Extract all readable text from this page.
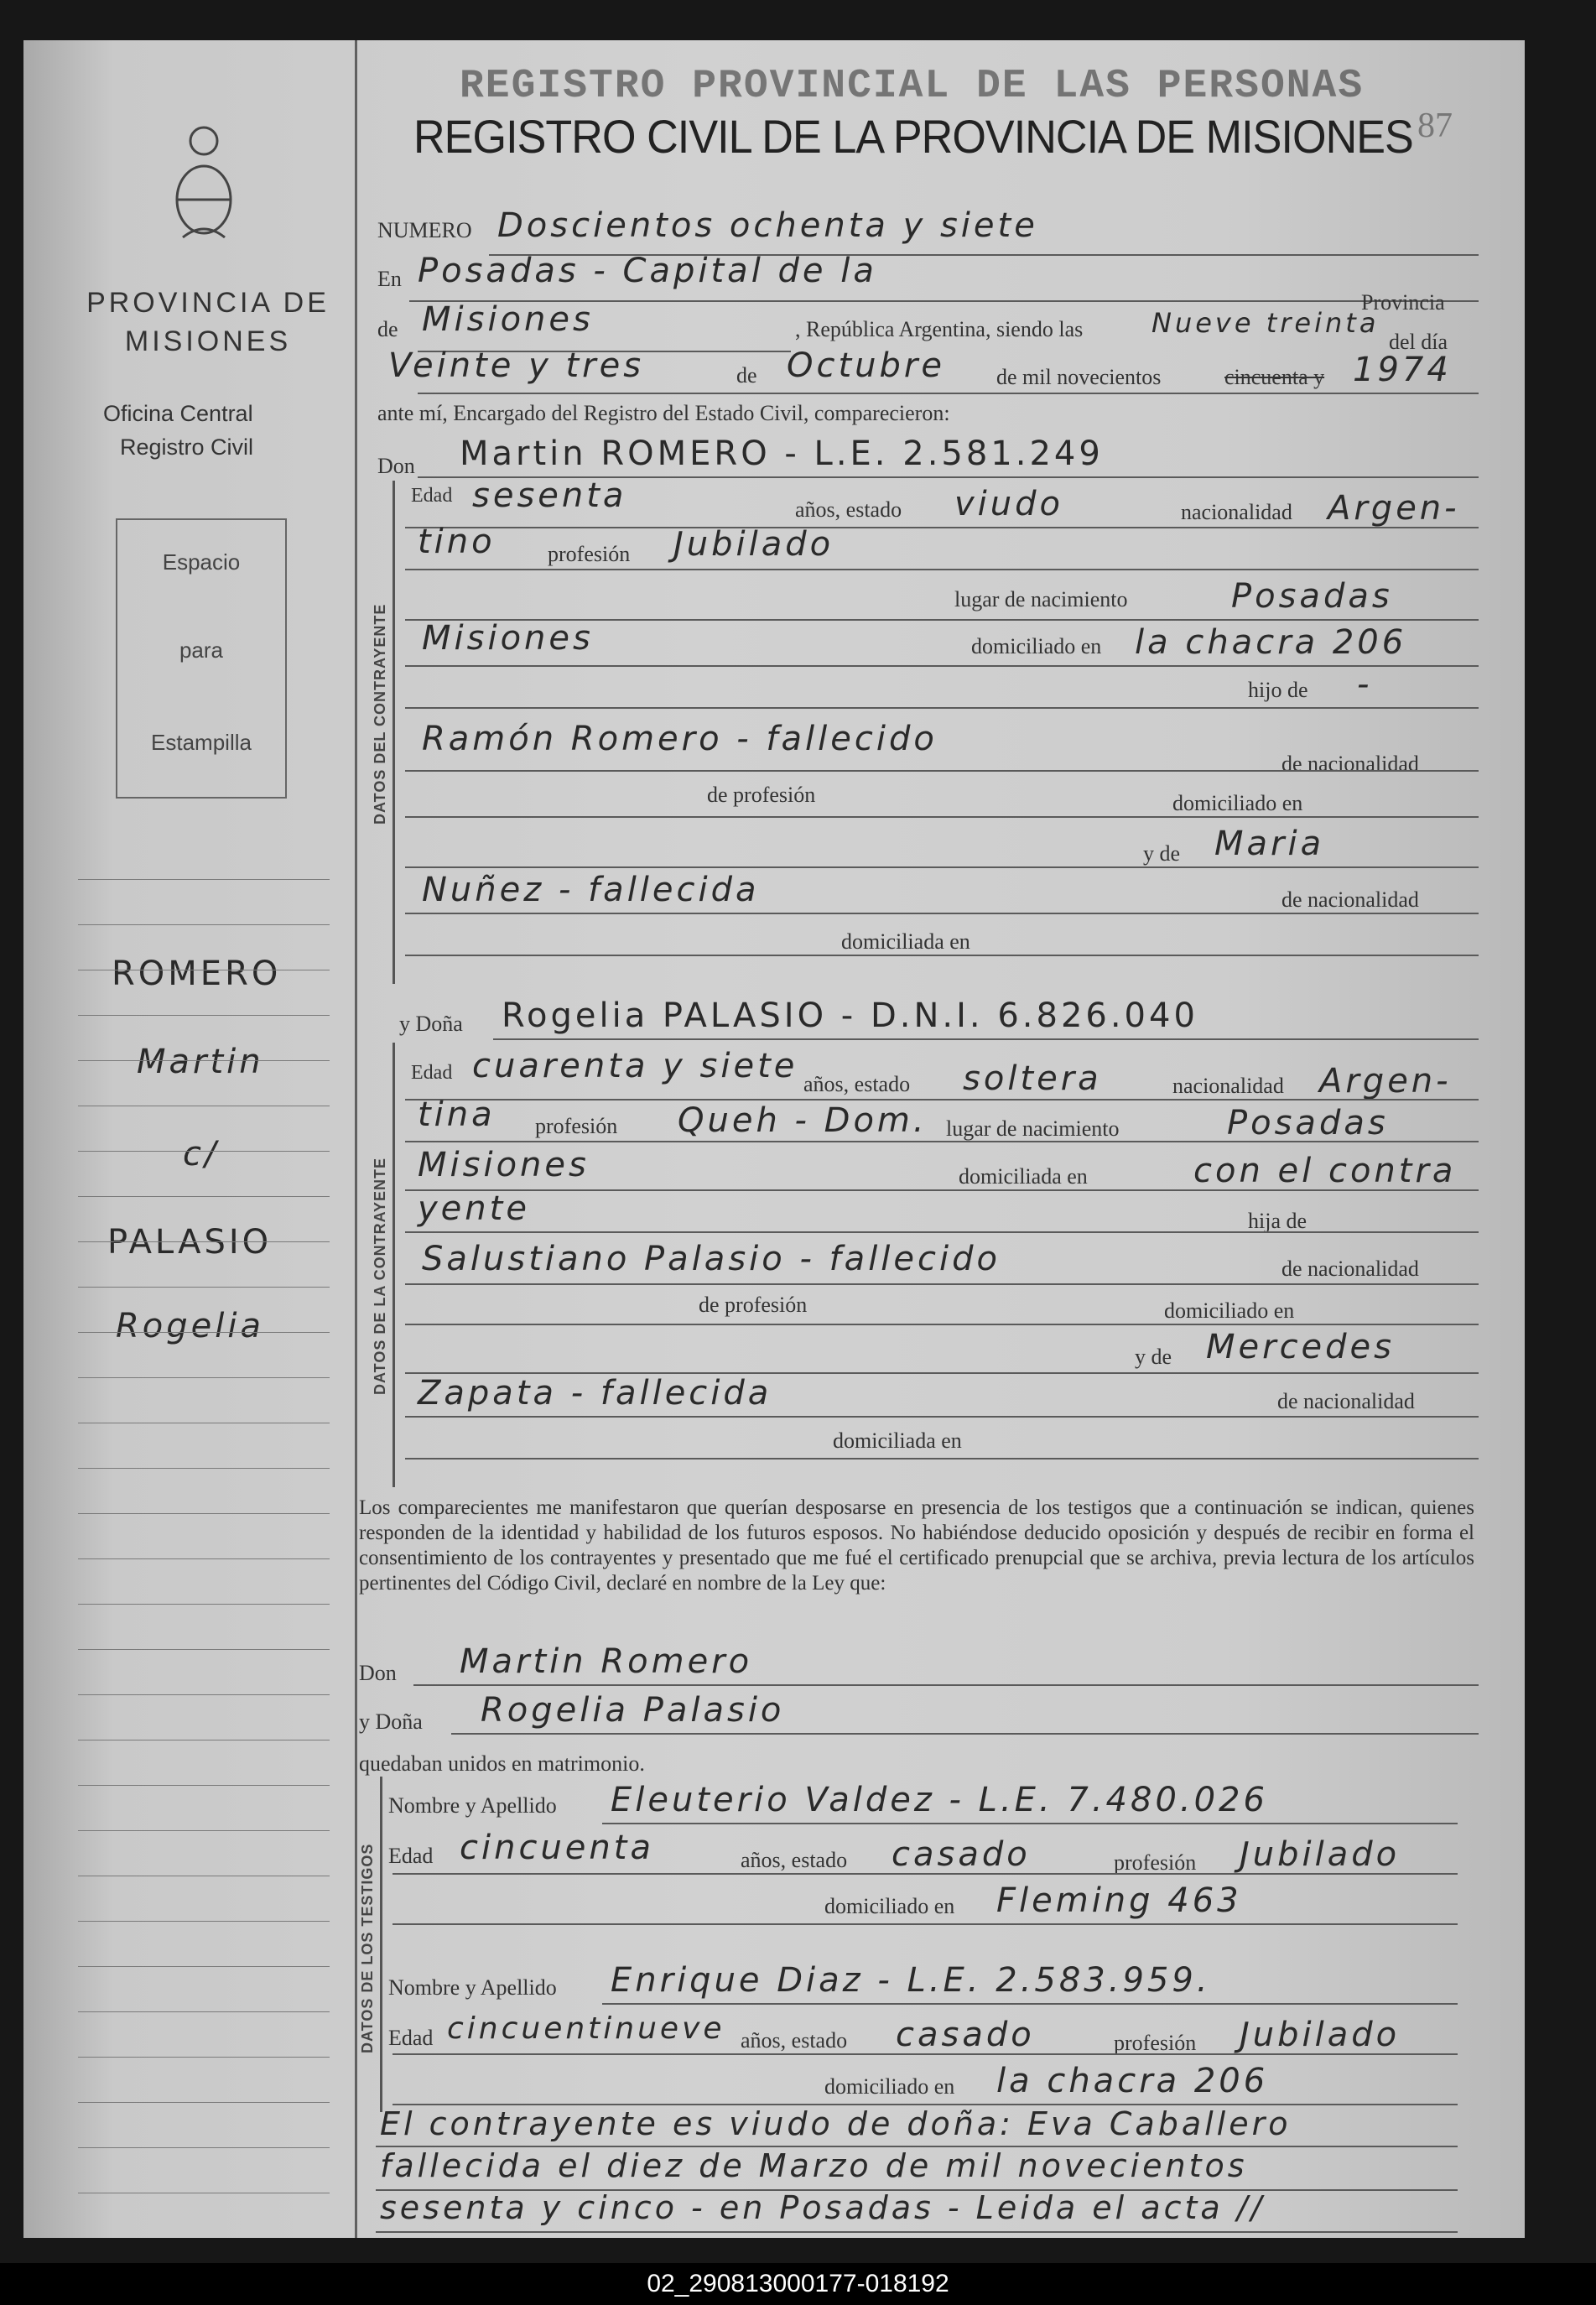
PROVINCIA DE MISIONES
Oficina Central
Registro Civil
Espacio
para
Estampilla
ROMERO
Martin
c/
PALASIO
Rogelia
REGISTRO PROVINCIAL DE LAS PERSONAS
REGISTRO CIVIL DE LA PROVINCIA DE MISIONES 87
NUMERO Doscientos ochenta y siete
En Posadas - Capital de la
Provincia
de Misiones	, República Argentina, siendo las	Nueve treinta
del día
Veinte y tres	de Octubre de mil novecientos	cincuenta y 1974
ante mí, Encargado del Registro del Estado Civil, comparecieron:
Don Martin ROMERO - L.E. 2.581.249
DATOS DEL CONTRAYENTE
Edad sesenta	años, estado viudo	nacionalidad Argen-
tino profesión Jubilado
lugar de nacimiento	Posadas
Misiones	domiciliado en la chacra 206
hijo de -
Ramón Romero - fallecido
de nacionalidad
de profesión	domiciliado en
y de Maria
Nuñez - fallecida	de nacionalidad
domiciliada en
y Doña Rogelia PALASIO - D.N.I. 6.826.040
DATOS DE LA CONTRAYENTE
Edad cuarenta y siete años, estado soltera	nacionalidad Argen-
tina profesión Queh - Dom. lugar de nacimiento	Posadas
Misiones	domiciliada en	con el contra
yente	hija de
Salustiano Palasio - fallecido	de nacionalidad
de profesión	domiciliado en
y de Mercedes
Zapata - fallecida	de nacionalidad
domiciliada en
Los comparecientes me manifestaron que querían desposarse en presencia de los testigos que a continuación se indican, quienes responden de la identidad y habilidad de los futuros esposos. No habiéndose deducido oposición y después de recibir en forma el consentimiento de los contrayentes y presentado que me fué el certificado prenupcial que se archiva, previa lectura de los artículos pertinentes del Código Civil, declaré en nombre de la Ley que:
Don Martin Romero
y Doña Rogelia Palasio
quedaban unidos en matrimonio.
DATOS DE LOS TESTIGOS
Nombre y Apellido Eleuterio Valdez - L.E. 7.480.026
Edad cincuenta	años, estado casado	profesión Jubilado
domiciliado en Fleming 463
Nombre y Apellido Enrique Diaz - L.E. 2.583.959.
Edad cincuentinueve años, estado casado	profesión Jubilado
domiciliado en la chacra 206
El contrayente es viudo de doña: Eva Caballero
fallecida el diez de Marzo de mil novecientos
sesenta y cinco - en Posadas - Leida el acta //
02_290813000177-018192
